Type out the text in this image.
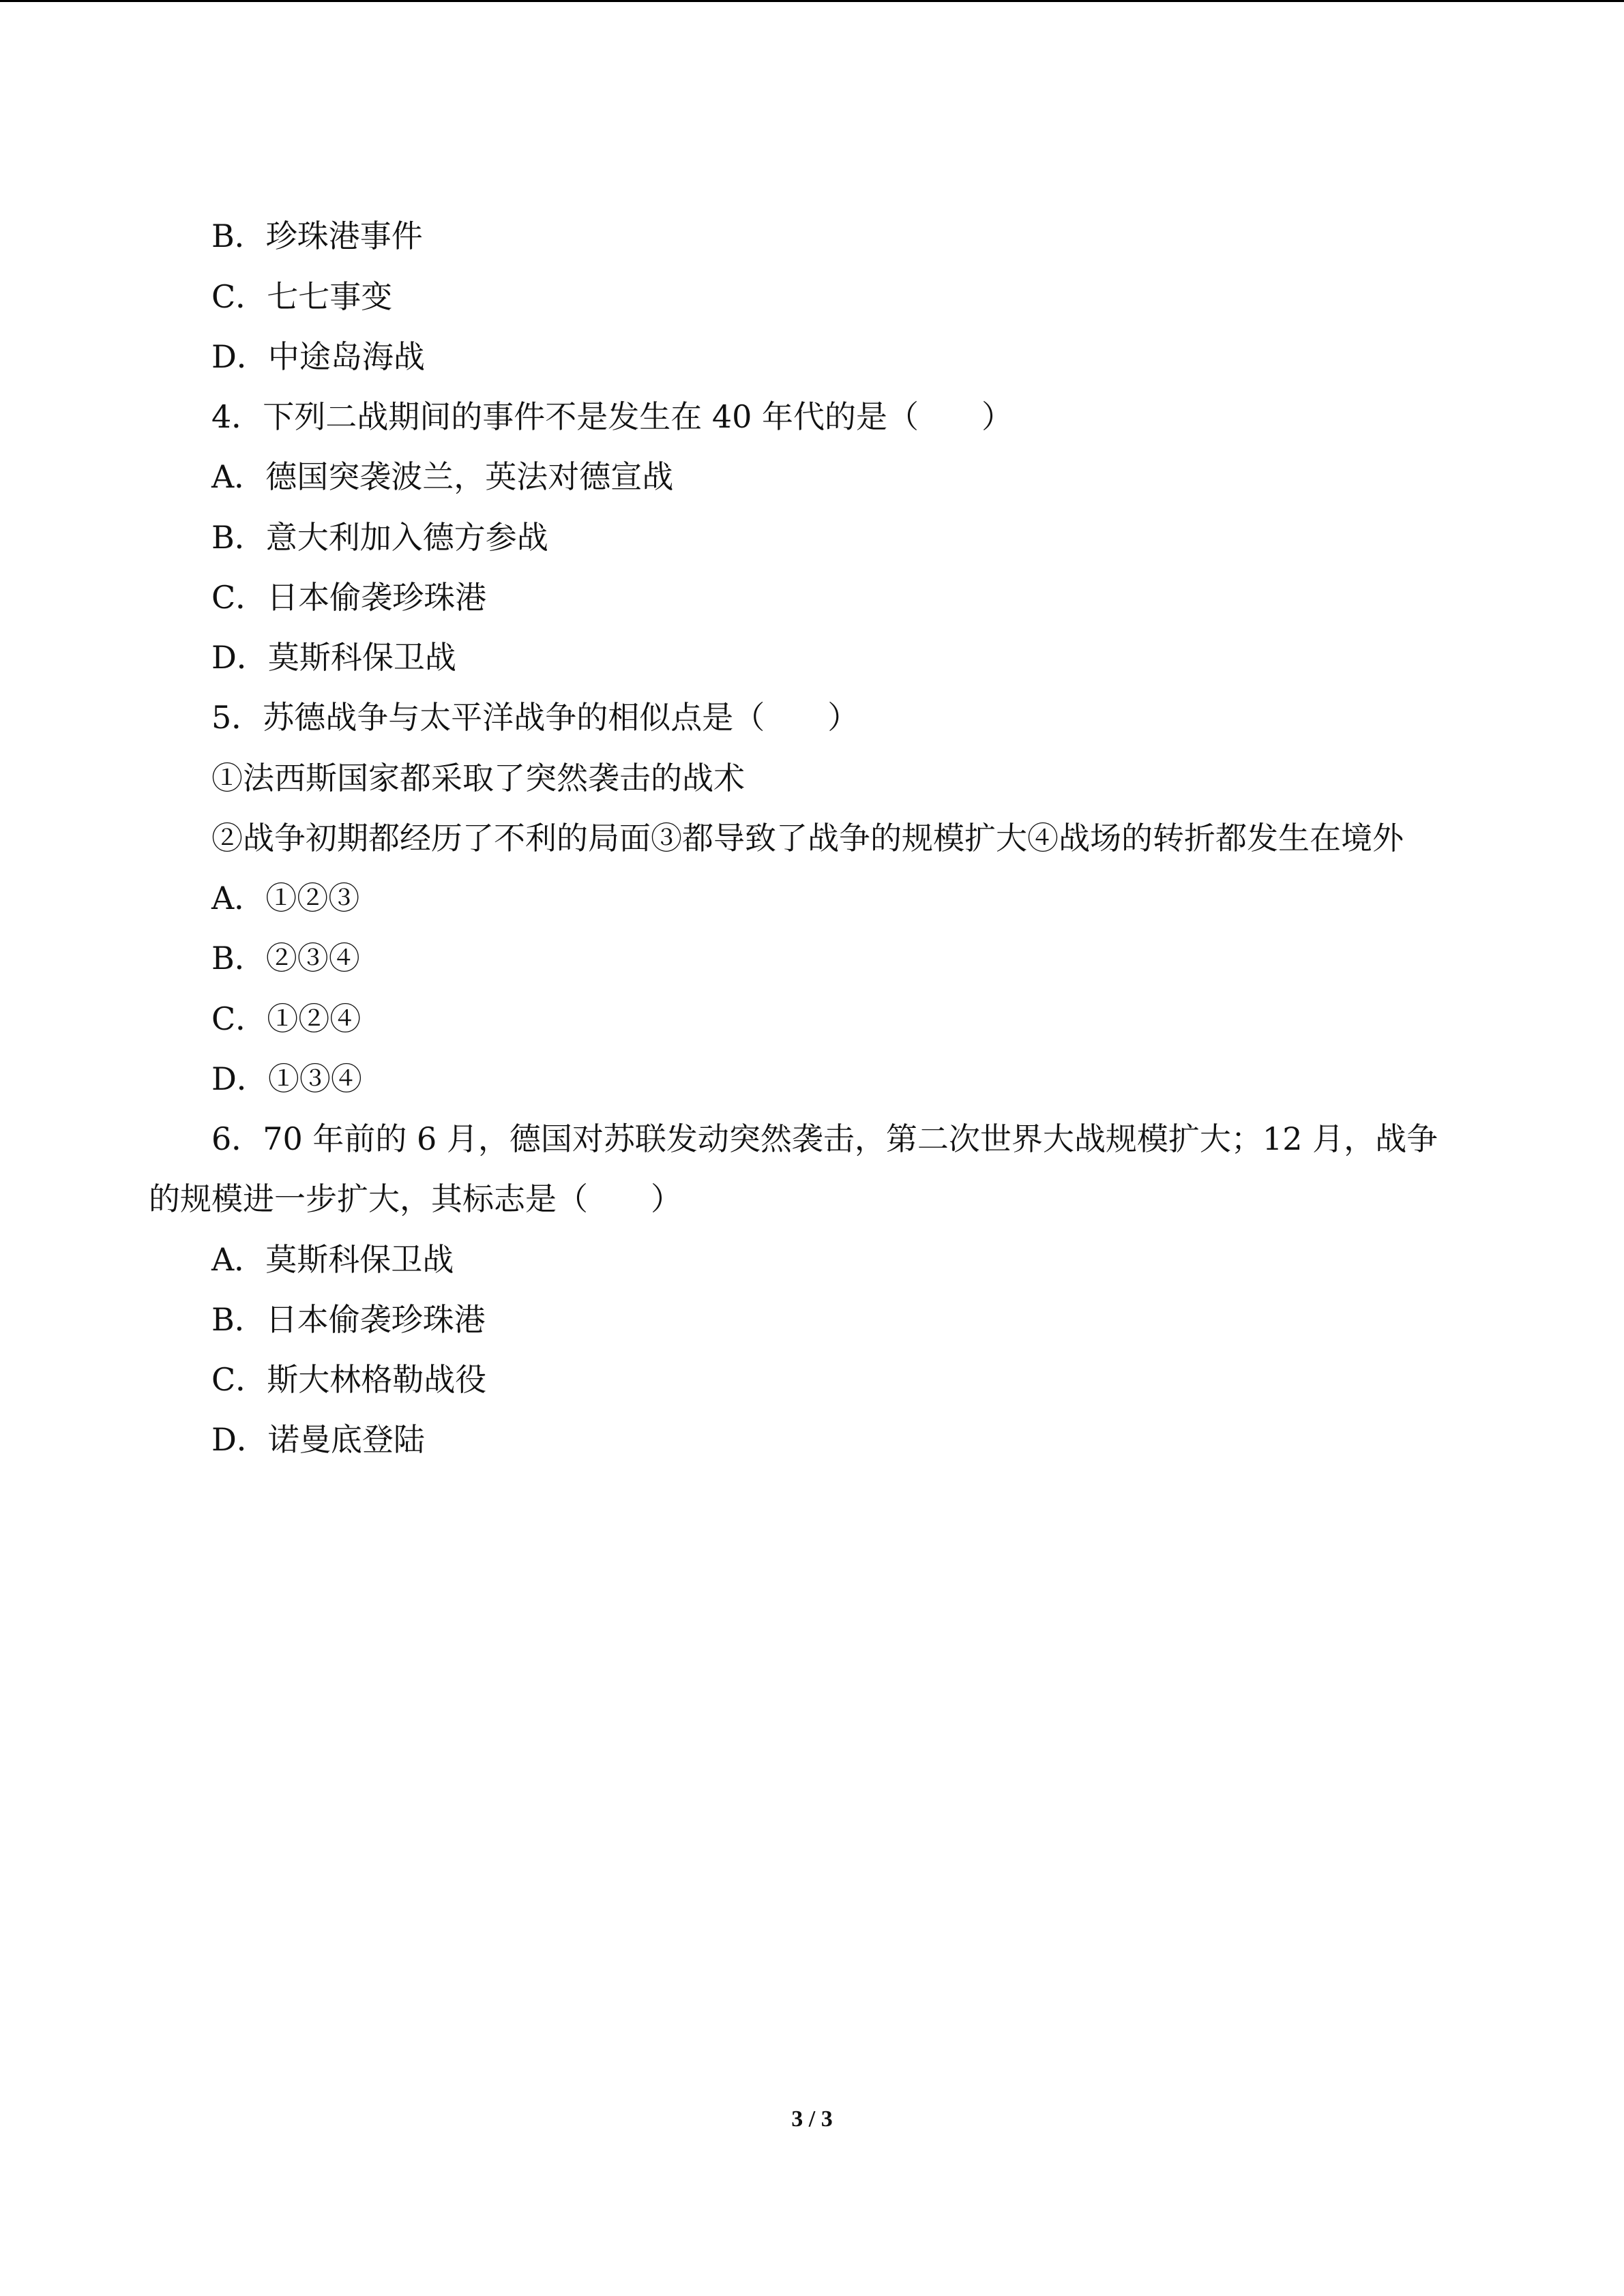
B．珍珠港事件
C．七七事变
D．中途岛海战
4．下列二战期间的事件不是发生在 40 年代的是（　　）
A．德国突袭波兰，英法对德宣战
B．意大利加入德方参战
C．日本偷袭珍珠港
D．莫斯科保卫战
5．苏德战争与太平洋战争的相似点是（　　）
①法西斯国家都采取了突然袭击的战术
②战争初期都经历了不利的局面③都导致了战争的规模扩大④战场的转折都发生在境外
A．①②③
B．②③④
C．①②④
D．①③④
6．70 年前的 6 月，德国对苏联发动突然袭击，第二次世界大战规模扩大；12 月，战争
的规模进一步扩大，其标志是（　　）
A．莫斯科保卫战
B．日本偷袭珍珠港
C．斯大林格勒战役
D．诺曼底登陆
3 / 3
